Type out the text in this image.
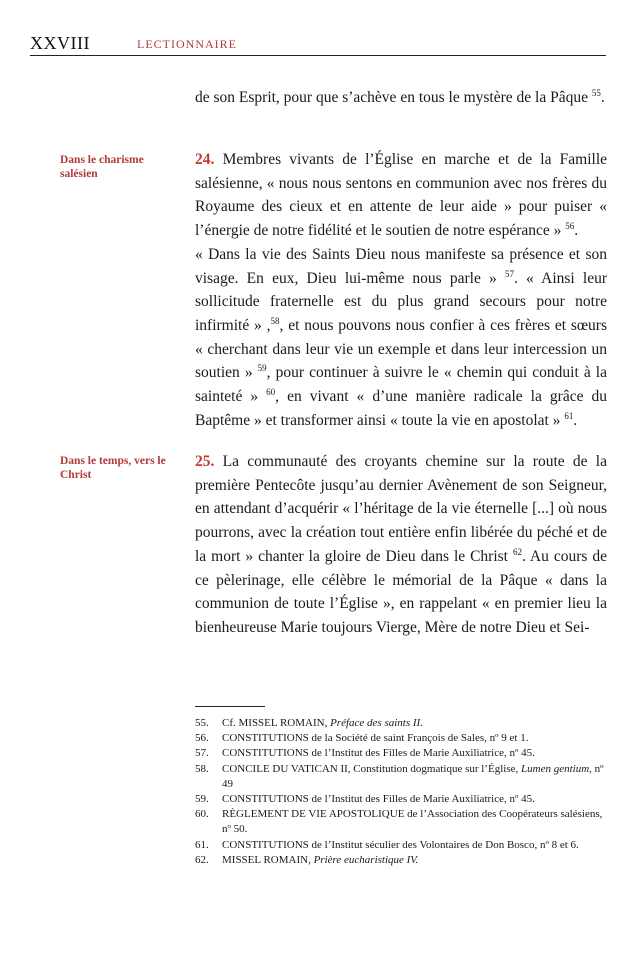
XXVIII	LECTIONNAIRE
de son Esprit, pour que s’achève en tous le mystère de la Pâque $^{55}$.
Dans le charisme salésien

24. Membres vivants de l’Église en marche et de la Famille salésienne, « nous nous sentons en communion avec nos frères du Royaume des cieux et en attente de leur aide » pour puiser « l’énergie de notre fidélité et le soutien de notre espérance » $^{56}$.

« Dans la vie des Saints Dieu nous manifeste sa présence et son visage. En eux, Dieu lui-même nous parle » $^{57}$. « Ainsi leur sollicitude fraternelle est du plus grand secours pour notre infirmité » ,$^{58}$, et nous pouvons nous confier à ces frères et sœurs « cherchant dans leur vie un exemple et dans leur intercession un soutien » $^{59}$, pour continuer à suivre le « chemin qui conduit à la sainteté » $^{60}$, en vivant « d’une manière radicale la grâce du Baptême » et transformer ainsi « toute la vie en apostolat » $^{61}$.

Dans le temps, vers le Christ

25. La communauté des croyants chemine sur la route de la première Pentecôte jusqu’au dernier Avènement de son Seigneur, en attendant d’acquérir « l’héritage de la vie éternelle [...] où nous pourrons, avec la création tout entière enfin libérée du péché et de la mort » chanter la gloire de Dieu dans le Christ $^{62}$. Au cours de ce pèlerinage, elle célèbre le mémorial de la Pâque « dans la communion de toute l’Église », en rappelant « en premier lieu la bienheureuse Marie toujours Vierge, Mère de notre Dieu et Sei-

55.	Cf. MISSEL ROMAIN, Préface des saints II.
56.	CONSTITUTIONS de la Société de saint François de Sales, nº 9 et 1.
57.	CONSTITUTIONS de l’Institut des Filles de Marie Auxiliatrice, nº 45.
58.	CONCILE DU VATICAN II, Constitution dogmatique sur l’Église, Lumen gentium, nº 49
59.	CONSTITUTIONS de l’Institut des Filles de Marie Auxiliatrice, nº 45.
60.	RÈGLEMENT DE VIE APOSTOLIQUE de l’Association des Coopérateurs salésiens, nº 50.
61.	CONSTITUTIONS de l’Institut séculier des Volontaires de Don Bosco, nº 8 et 6.
62.	MISSEL ROMAIN, Prière eucharistique IV.
